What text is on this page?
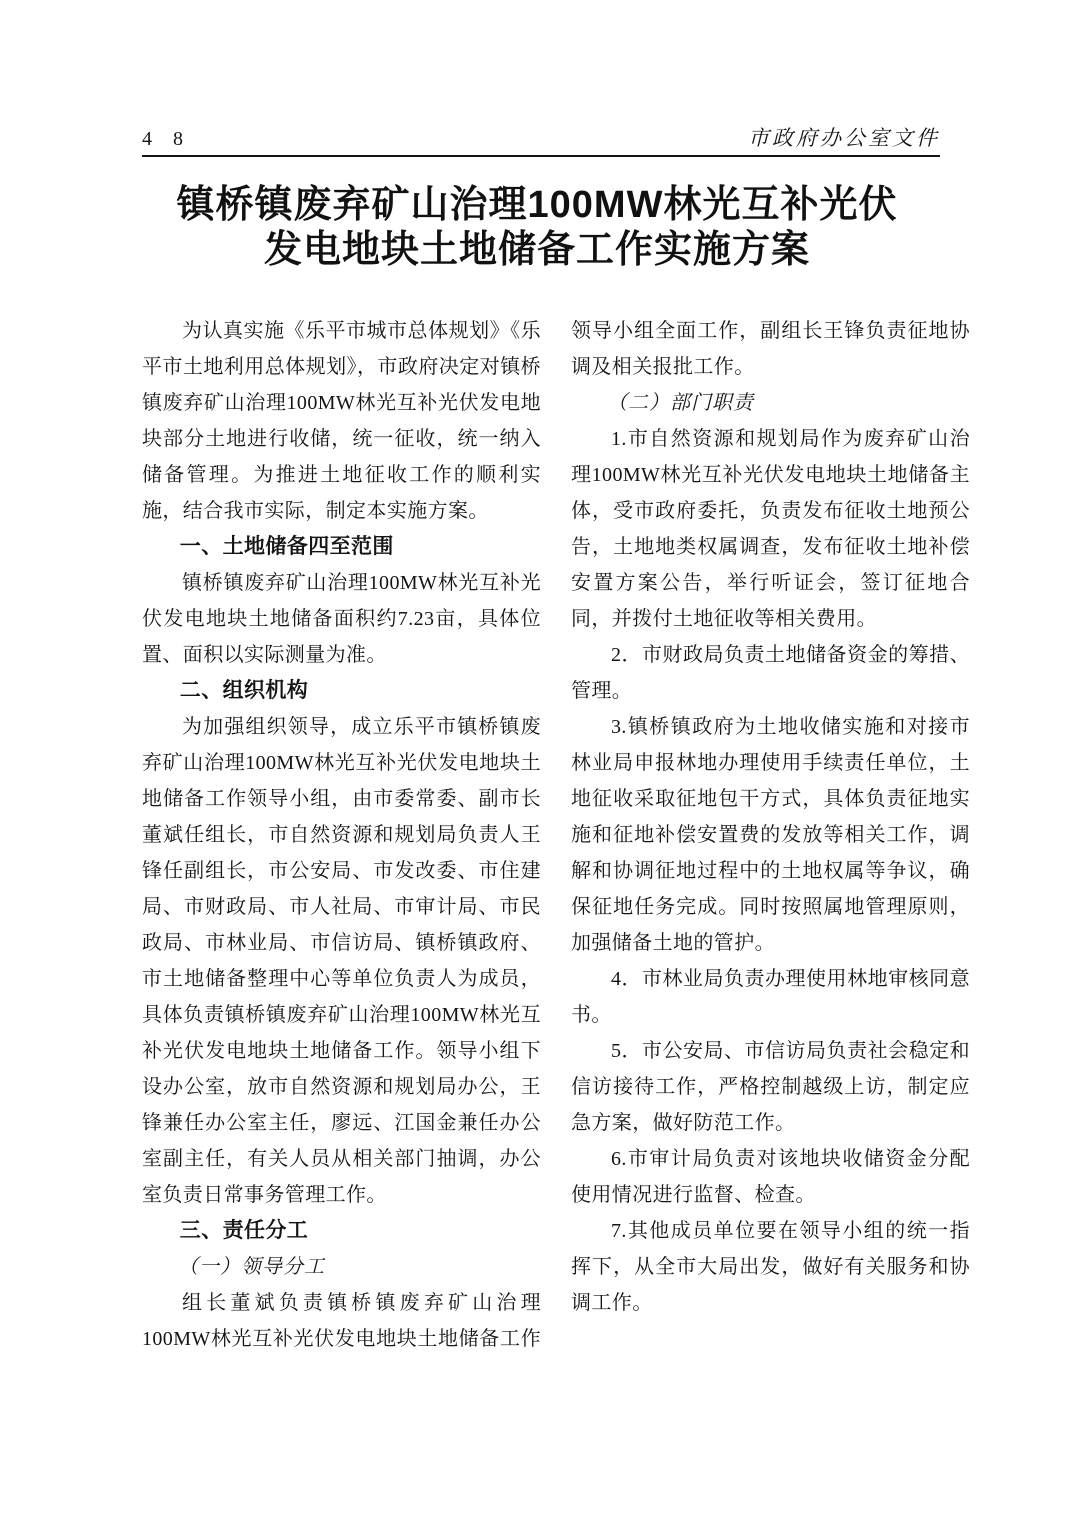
4 8	市政府办公室文件
镇桥镇废弃矿山治理100MW林光互补光伏
发电地块土地储备工作实施方案

为认真实施《乐平市城市总体规划》《乐平市土地利用总体规划》，市政府决定对镇桥镇废弃矿山治理100MW林光互补光伏发电地块部分土地进行收储，统一征收，统一纳入储备管理。为推进土地征收工作的顺利实施，结合我市实际，制定本实施方案。

一、土地储备四至范围

镇桥镇废弃矿山治理100MW林光互补光伏发电地块土地储备面积约7.23亩，具体位置、面积以实际测量为准。

二、组织机构

为加强组织领导，成立乐平市镇桥镇废弃矿山治理100MW林光互补光伏发电地块土地储备工作领导小组，由市委常委、副市长董斌任组长，市自然资源和规划局负责人王锋任副组长，市公安局、市发改委、市住建局、市财政局、市人社局、市审计局、市民政局、市林业局、市信访局、镇桥镇政府、市土地储备整理中心等单位负责人为成员，具体负责镇桥镇废弃矿山治理100MW林光互补光伏发电地块土地储备工作。领导小组下设办公室，放市自然资源和规划局办公，王锋兼任办公室主任，廖远、江国金兼任办公室副主任，有关人员从相关部门抽调，办公室负责日常事务管理工作。

三、责任分工

（一）领导分工

组长董斌负责镇桥镇废弃矿山治理100MW林光互补光伏发电地块土地储备工作

领导小组全面工作，副组长王锋负责征地协调及相关报批工作。

（二）部门职责

1.市自然资源和规划局作为废弃矿山治理100MW林光互补光伏发电地块土地储备主体，受市政府委托，负责发布征收土地预公告，土地地类权属调查，发布征收土地补偿安置方案公告，举行听证会，签订征地合同，并拨付土地征收等相关费用。

2．市财政局负责土地储备资金的筹措、管理。

3.镇桥镇政府为土地收储实施和对接市林业局申报林地办理使用手续责任单位，土地征收采取征地包干方式，具体负责征地实施和征地补偿安置费的发放等相关工作，调解和协调征地过程中的土地权属等争议，确保征地任务完成。同时按照属地管理原则，加强储备土地的管护。

4．市林业局负责办理使用林地审核同意书。

5．市公安局、市信访局负责社会稳定和信访接待工作，严格控制越级上访，制定应急方案，做好防范工作。

6.市审计局负责对该地块收储资金分配使用情况进行监督、检查。

7.其他成员单位要在领导小组的统一指挥下，从全市大局出发，做好有关服务和协调工作。
